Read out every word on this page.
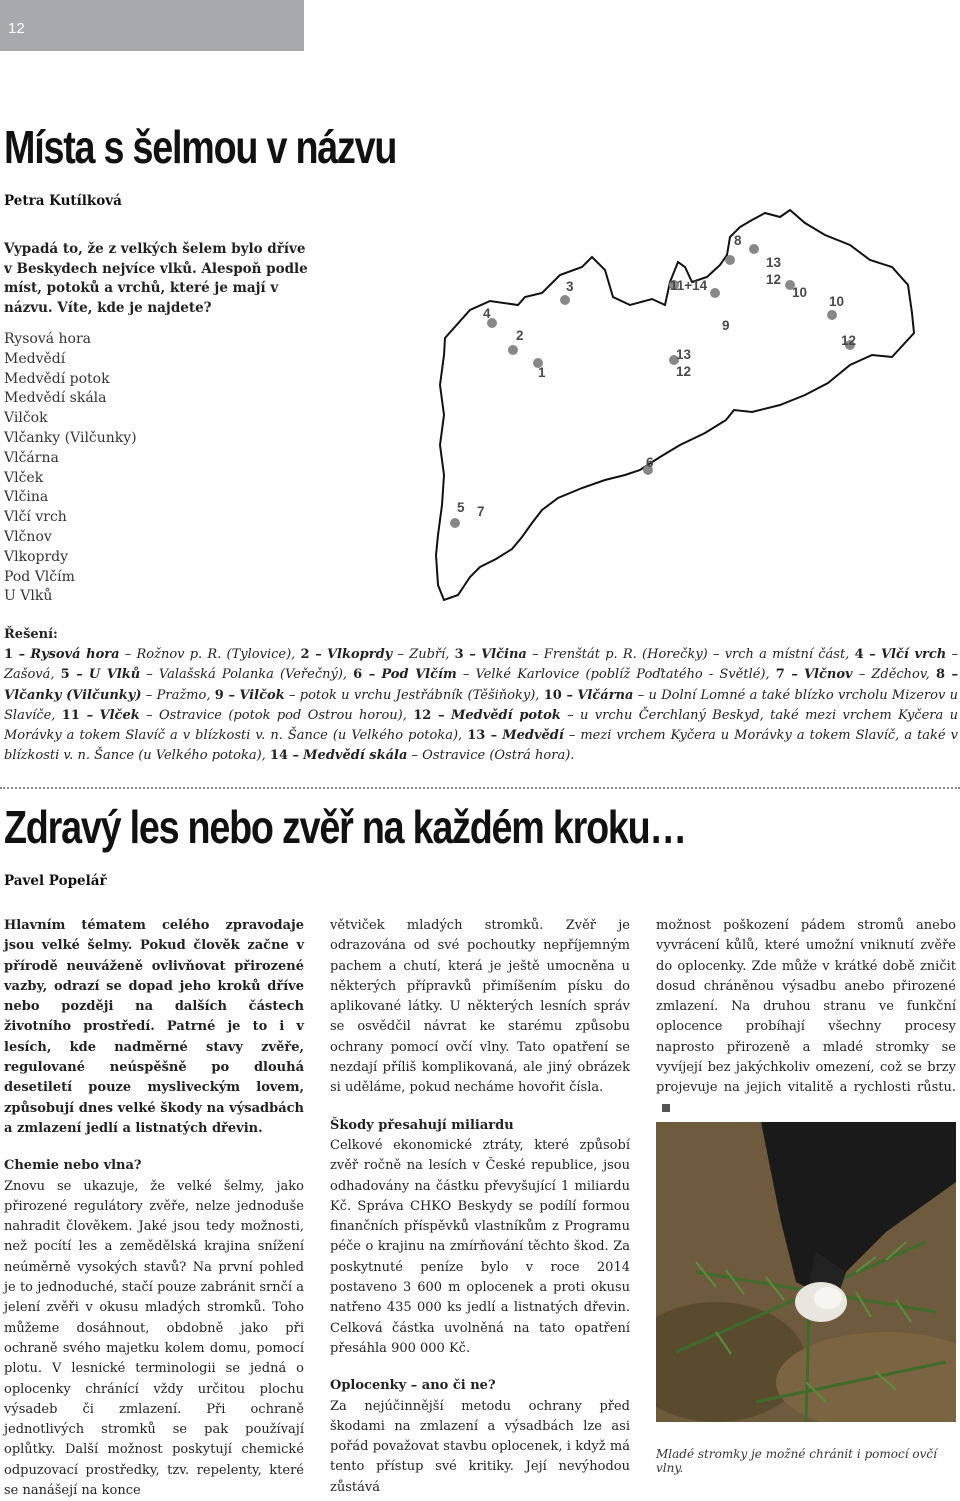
12
Místa s šelmou v názvu

Petra Kutílková

Vypadá to, že z velkých šelem bylo dříve v Beskydech nejvíce vlků. Alespoň podle míst, potoků a vrchů, které je mají v názvu. Víte, kde je najdete?

Rysová hora
Medvědí
Medvědí potok
Medvědí skála
Vilčok
Vlčanky (Vilčunky)
Vlčárna
Vlček
Vlčina
Vlčí vrch
Vlčnov
Vlkoprdy
Pod Vlčím
U Vlků
1
2
3
4
5 7
6
8
9
10
10
11+14	12
12
13
12
13
Řešení:
1 – Rysová hora – Rožnov p. R. (Tylovice), 2 – Vlkoprdy – Zubří, 3 – Vlčina – Frenštát p. R. (Horečky) – vrch a místní část, 4 – Vlčí vrch – Zašová, 5 – U Vlků – Valašská Polanka (Veřečný), 6 – Pod Vlčím – Velké Karlovice (poblíž Poďtatého - Světlé), 7 – Vlčnov – Zděchov, 8 – Vlčanky (Vilčunky) – Pražmo, 9 – Vilčok – potok u vrchu Jestřábník (Těšiňoky), 10 – Vlčárna – u Dolní Lomné a také blízko vrcholu Mizerov u Slavíče, 11 – Vlček – Ostravice (potok pod Ostrou horou), 12 – Medvědí potok – u vrchu Čerchlaný Beskyd, také mezi vrchem Kyčera u Morávky a tokem Slavíč a v blízkosti v. n. Šance (u Velkého potoka), 13 – Medvědí – mezi vrchem Kyčera u Morávky a tokem Slavíč, a také v blízkosti v. n. Šance (u Velkého potoka), 14 – Medvědí skála – Ostravice (Ostrá hora).
Zdravý les nebo zvěř na každém kroku…

Pavel Popelář

Hlavním tématem celého zpravodaje jsou velké šelmy. Pokud člověk začne v přírodě neuváženě ovlivňovat přirozené vazby, odrazí se dopad jeho kroků dříve nebo později na dalších částech životního prostředí. Patrné je to i v lesích, kde nadměrné stavy zvěře, regulované neúspěšně po dlouhá desetiletí pouze mysliveckým lovem, způsobují dnes velké škody na výsadbách a zmlazení jedlí a listnatých dřevin.

Chemie nebo vlna?

Znovu se ukazuje, že velké šelmy, jako přirozené regulátory zvěře, nelze jednoduše nahradit člověkem. Jaké jsou tedy možnosti, než pocítí les a zemědělská krajina snížení neúměrně vysokých stavů? Na první pohled je to jednoduché, stačí pouze zabránit srnčí a jelení zvěři v okusu mladých stromků. Toho můžeme dosáhnout, obdobně jako při ochraně svého majetku kolem domu, pomocí plotu. V lesnické terminologii se jedná o oplocenky chránící vždy určitou plochu výsadeb či zmlazení. Při ochraně jednotlivých stromků se pak používají oplůtky. Další možnost poskytují chemické odpuzovací prostředky, tzv. repelenty, které se nanášejí na konce

větviček mladých stromků. Zvěř je odrazována od své pochoutky nepříjemným pachem a chutí, která je ještě umocněna u některých přípravků přimíšením písku do aplikované látky. U některých lesních správ se osvědčil návrat ke starému způsobu ochrany pomocí ovčí vlny. Tato opatření se nezdají příliš komplikovaná, ale jiný obrázek si uděláme, pokud necháme hovořit čísla.

Škody přesahují miliardu

Celkové ekonomické ztráty, které způsobí zvěř ročně na lesích v České republice, jsou odhadovány na částku převyšující 1 miliardu Kč. Správa CHKO Beskydy se podílí formou finančních příspěvků vlastníkům z Programu péče o krajinu na zmírňování těchto škod. Za poskytnuté peníze bylo v roce 2014 postaveno 3 600 m oplocenek a proti okusu natřeno 435 000 ks jedlí a listnatých dřevin. Celková částka uvolněná na tato opatření přesáhla 900 000 Kč.

Oplocenky – ano či ne?

Za nejúčinnější metodu ochrany před škodami na zmlazení a výsadbách lze asi pořád považovat stavbu oplocenek, i když má tento přístup své kritiky. Její nevýhodou zůstává

možnost poškození pádem stromů anebo vyvrácení kůlů, které umožní vniknutí zvěře do oplocenky. Zde může v krátké době zničit dosud chráněnou výsadbu anebo přirozené zmlazení. Na druhou stranu ve funkční oplocence probíhají všechny procesy naprosto přirozeně a mladé stromky se vyvíjejí bez jakýchkoliv omezení, což se brzy projevuje na jejich vitalitě a rychlosti růstu.

Mladé stromky je možné chránit i pomocí ovčí vlny.
